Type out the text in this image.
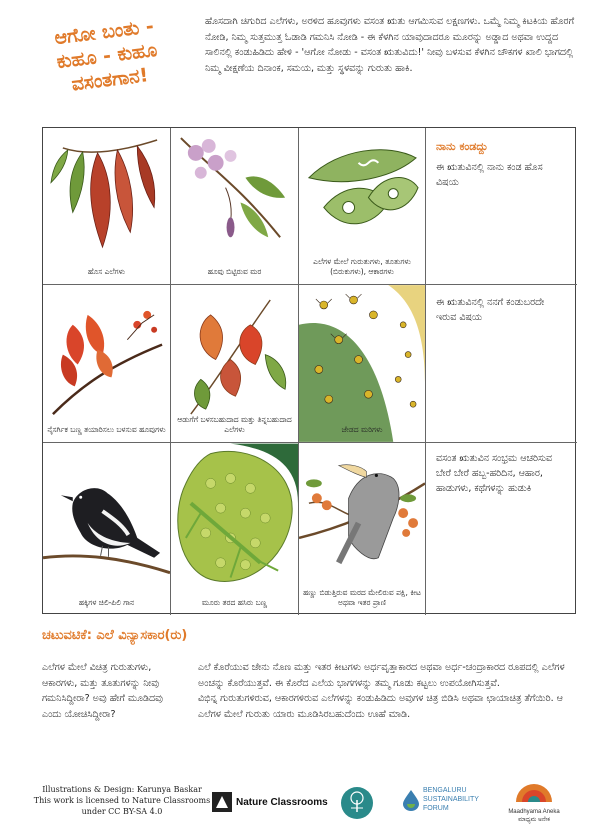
ಆಗೋ ಬಂತು -
ಕುಹೂ - ಕುಹೂ
ವಸಂತಗಾನ!
ಹೊಸದಾಗಿ ಚಿಗುರಿದ ಎಲೆಗಳು, ಅರಳಿದ ಹೂವುಗಳು ವಸಂತ ಋತು ಆಗಮಿಸುವ ಲಕ್ಷಣಗಳು. ಒಮ್ಮೆ ನಿಮ್ಮ ಕಿಟಕಿಯ ಹೊರಗೆ ನೋಡಿ, ನಿಮ್ಮ ಸುತ್ತಮುತ್ತ ಓಡಾಡಿ ಗಮನಿಸಿ ನೋಡಿ - ಈ ಕೆಳಗಿನ ಯಾವುದಾದರೂ ಮೂರನ್ನು ಅಡ್ಡಾದ ಅಥವಾ ಉದ್ದದ ಸಾಲಿನಲ್ಲಿ ಕಂಡುಹಿಡಿದು ಹೇಳಿ - 'ಆಗೋ ನೋಡು - ವಸಂತ ಋತುವಿದು!' ನೀವು ಬಳಸುವ ಕೆಳಗಿನ ಚೌಕಗಳ ಖಾಲಿ ಭಾಗದಲ್ಲಿ ನಿಮ್ಮ ವೀಕ್ಷಣೆಯ ದಿನಾಂಕ, ಸಮಯ, ಮತ್ತು ಸ್ಥಳವನ್ನು ಗುರುತು ಹಾಕಿ.
ಹೊಸ ಎಲೆಗಳು	ಹೂವು ಬಿಟ್ಟಿರುವ ಮರ
ಎಲೆಗಳ ಮೇಲೆ ಗುರುತುಗಳು, ತೂತುಗಳು (ಬಿರುಕುಗಳು), ಆಕಾರಗಳು
ನಾನು ಕಂಡದ್ದು
ಈ ಋತುವಿನಲ್ಲಿ ನಾನು ಕಂಡ ಹೊಸ ವಿಷಯ
ನೈಸರ್ಗಿಕ ಬಣ್ಣ ತಯಾರಿಸಲು ಬಳಸುವ ಹೂವುಗಳು
ಆಡುಗೆಗೆ ಬಳಸಬಹುದಾದ ಮತ್ತು ತಿನ್ನಬಹುದಾದ ಎಲೆಗಳು	ಜೇಡದ ಮರಿಗಳು
ಈ ಋತುವಿನಲ್ಲಿ ನನಗೆ ಕಂಡುಬರದೇ ಇರುವ ವಿಷಯ
ಹಕ್ಕಿಗಳ ಚಿಲಿ-ಪಿಲಿ ಗಾನ	ಮೂರು ತರದ ಹಸಿರು ಬಣ್ಣ
ಹಣ್ಣು ಬಿಡುತ್ತಿರುವ ಮರದ ಮೇಲಿರುವ ಪಕ್ಷಿ, ಕೀಟ ಅಥವಾ ಇತರ ಪ್ರಾಣಿ
ವಸಂತ ಋತುವಿನ ಸಂಭ್ರಮ ಆಚರಿಸುವ ಬೇರೆ ಬೇರೆ ಹಬ್ಬ-ಹರಿದಿನ, ಆಹಾರ, ಹಾಡುಗಳು, ಕಥೆಗಳನ್ನು ಹುಡುಕಿ
ಚಟುವಟಿಕೆ: ಎಲೆ ವಿನ್ಯಾಸಕಾರ(ರು)
ಎಲೆಗಳ ಮೇಲೆ ವಿಚಿತ್ರ ಗುರುತುಗಳು, ಆಕಾರಗಳು, ಮತ್ತು ತೂತುಗಳನ್ನು ನೀವು ಗಮನಿಸಿದ್ದೀರಾ? ಅವು ಹೇಗೆ ಮೂಡಿದವು ಎಂದು ಯೋಚಿಸಿದ್ದೀರಾ?

ಎಲೆ ಕೊರೆಯುವ ಜೇನು ನೊಣ ಮತ್ತು ಇತರ ಕೀಟಗಳು ಅರ್ಧವೃತ್ತಾಕಾರದ ಅಥವಾ ಅರ್ಧ-ಚಂದ್ರಾಕಾರದ ರೂಪದಲ್ಲಿ ಎಲೆಗಳ ಅಂಚನ್ನು ಕೊರೆಯುತ್ತವೆ. ಈ ಕೊರೆದ ಎಲೆಯ ಭಾಗಗಳನ್ನು ತಮ್ಮ ಗೂಡು ಕಟ್ಟಲು ಉಪಯೋಗಿಸುತ್ತವೆ.

ವಿಭಿನ್ನ ಗುರುತುಗಳಿರುವ, ಆಕಾರಗಳಿರುವ ಎಲೆಗಳನ್ನು ಕಂಡುಹಿಡಿದು ಅವುಗಳ ಚಿತ್ರ ಬಿಡಿಸಿ ಅಥವಾ ಛಾಯಾಚಿತ್ರ ತೆಗೆಯಿರಿ. ಆ ಎಲೆಗಳ ಮೇಲೆ ಗುರುತು ಯಾರು ಮೂಡಿಸಿರಬಹುದೆಂದು ಊಹೆ ಮಾಡಿ.

Illustrations & Design: Karunya Baskar
This work is licensed to Nature Classrooms
under CC BY-SA 4.0
Nature Classrooms
BENGALURU
SUSTAINABILITY
FORUM	Maadhyama Aneka
ಮಾಧ್ಯಮ ಅನೇಕ
